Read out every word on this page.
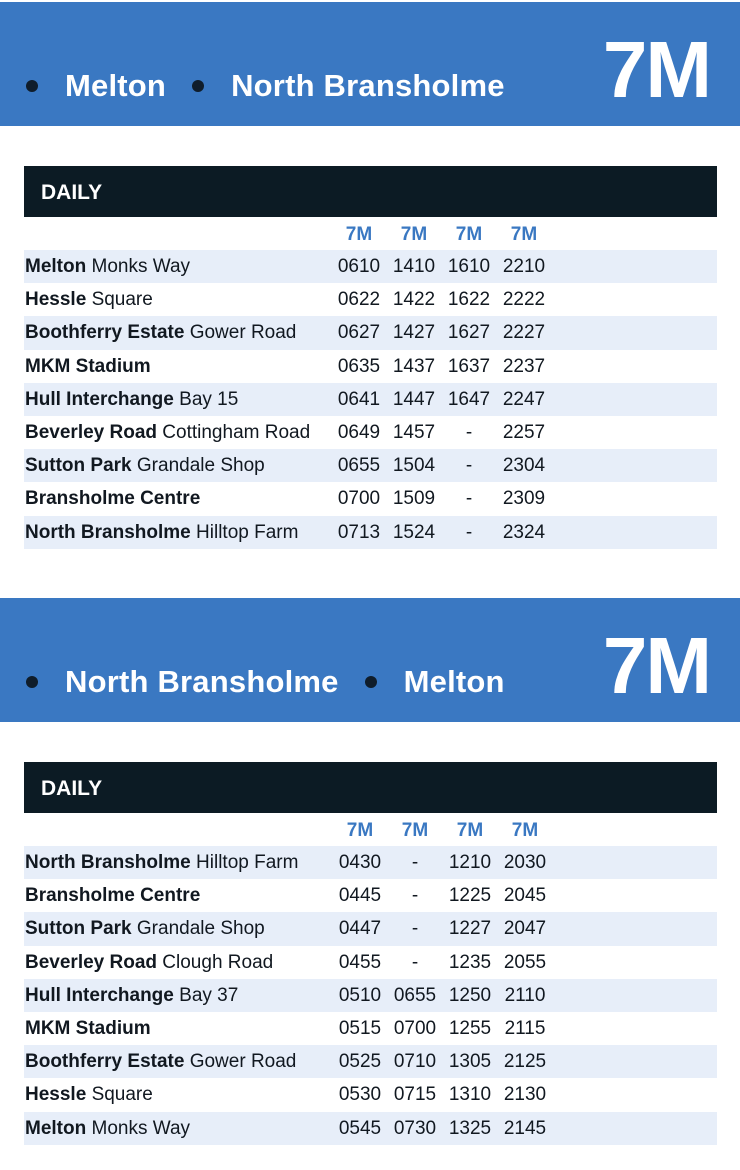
Melton North Bransholme 7M
DAILY
7M	7M	7M	7M
Melton Monks Way	0610 1410 1610 2210
Hessle Square	0622 1422 1622 2222
Boothferry Estate Gower Road	0627 1427 1627 2227
MKM Stadium	0635 1437 1637 2237
Hull Interchange Bay 15	0641 1447 1647 2247
Beverley Road Cottingham Road	0649 1457	-	2257
Sutton Park Grandale Shop	0655 1504	-	2304
Bransholme Centre	0700 1509	-	2309
North Bransholme Hilltop Farm	0713 1524	-	2324
North Bransholme Melton 7M
DAILY
7M	7M	7M	7M
North Bransholme Hilltop Farm	0430	-	1210 2030
Bransholme Centre	0445	-	1225 2045
Sutton Park Grandale Shop	0447	-	1227 2047
Beverley Road Clough Road	0455	-	1235 2055
Hull Interchange Bay 37	0510 0655 1250 2110
MKM Stadium	0515 0700 1255 2115
Boothferry Estate Gower Road	0525 0710 1305 2125
Hessle Square	0530 0715 1310 2130
Melton Monks Way	0545 0730 1325 2145
